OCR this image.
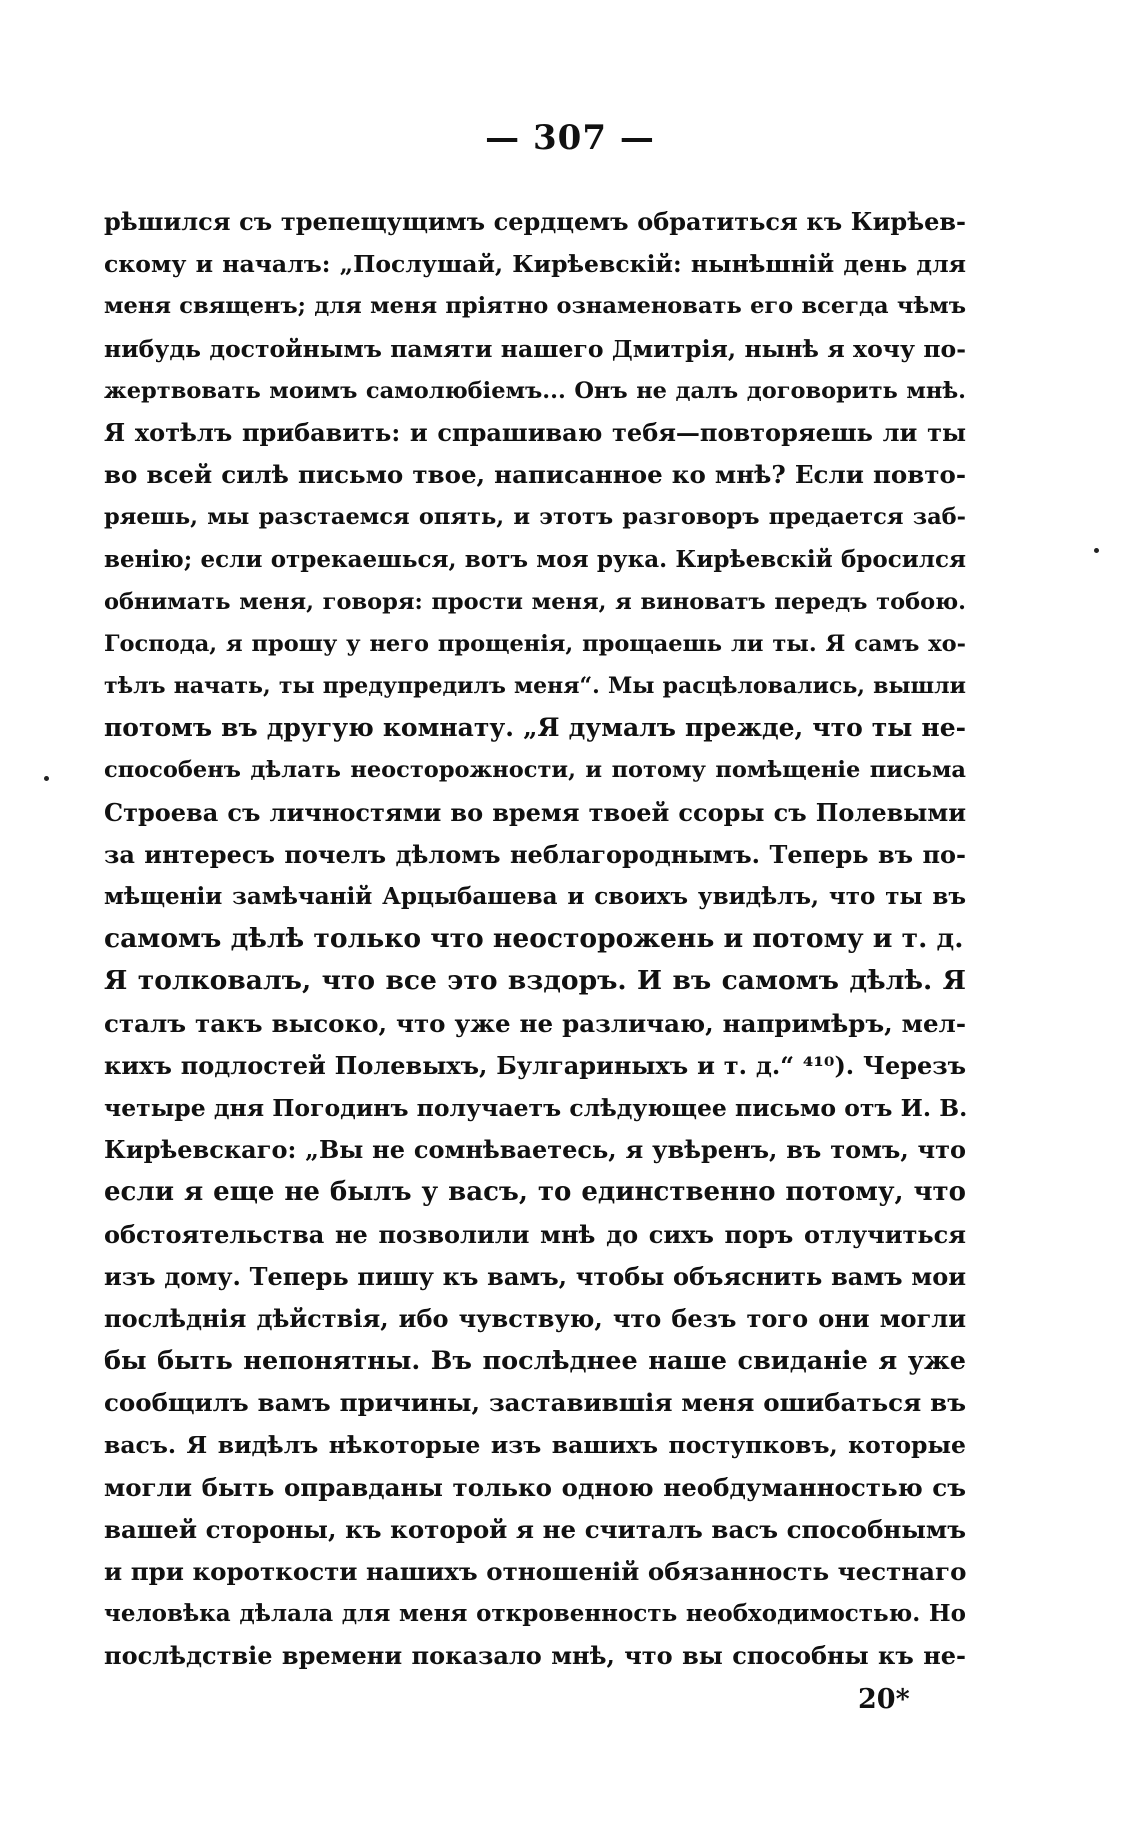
— 307 —
рѣшился съ трепещущимъ сердцемъ обратиться къ Кирѣев-
скому и началъ: „Послушай, Кирѣевскій: нынѣшній день для
меня священъ; для меня пріятно ознаменовать его всегда чѣмъ
нибудь достойнымъ памяти нашего Дмитрія, нынѣ я хочу по-
жертвовать моимъ самолюбіемъ... Онъ не далъ договорить мнѣ.
Я хотѣлъ прибавить: и спрашиваю тебя—повторяешь ли ты
во всей силѣ письмо твое, написанное ко мнѣ? Если повто-
ряешь, мы разстаемся опять, и этотъ разговоръ предается заб-
венію; если отрекаешься, вотъ моя рука. Кирѣевскій бросился
обнимать меня, говоря: прости меня, я виноватъ передъ тобою.
Господа, я прошу у него прощенія, прощаешь ли ты. Я самъ хо-
тѣлъ начать, ты предупредилъ меня“. Мы расцѣловались, вышли
потомъ въ другую комнату. „Я думалъ прежде, что ты не-
способенъ дѣлать неосторожности, и потому помѣщеніе письма
Строева съ личностями во время твоей ссоры съ Полевыми
за интересъ почелъ дѣломъ неблагороднымъ. Теперь въ по-
мѣщеніи замѣчаній Арцыбашева и своихъ увидѣлъ, что ты въ
самомъ дѣлѣ только что неосторожень и потому и т. д.
Я толковалъ, что все это вздоръ. И въ самомъ дѣлѣ. Я
сталъ такъ высоко, что уже не различаю, напримѣръ, мел-
кихъ подлостей Полевыхъ, Булгариныхъ и т. д.“ ⁴¹⁰). Черезъ
четыре дня Погодинъ получаетъ слѣдующее письмо отъ И. В.
Кирѣевскаго: „Вы не сомнѣваетесь, я увѣренъ, въ томъ, что
если я еще не былъ у васъ, то единственно потому, что
обстоятельства не позволили мнѣ до сихъ поръ отлучиться
изъ дому. Теперь пишу къ вамъ, чтобы объяснить вамъ мои
послѣднія дѣйствія, ибо чувствую, что безъ того они могли
бы быть непонятны. Въ послѣднее наше свиданіе я уже
сообщилъ вамъ причины, заставившія меня ошибаться въ
васъ. Я видѣлъ нѣкоторые изъ вашихъ поступковъ, которые
могли быть оправданы только одною необдуманностью съ
вашей стороны, къ которой я не считалъ васъ способнымъ
и при короткости нашихъ отношеній обязанность честнаго
человѣка дѣлала для меня откровенность необходимостью. Но
послѣдствіе времени показало мнѣ, что вы способны къ не-
20*
